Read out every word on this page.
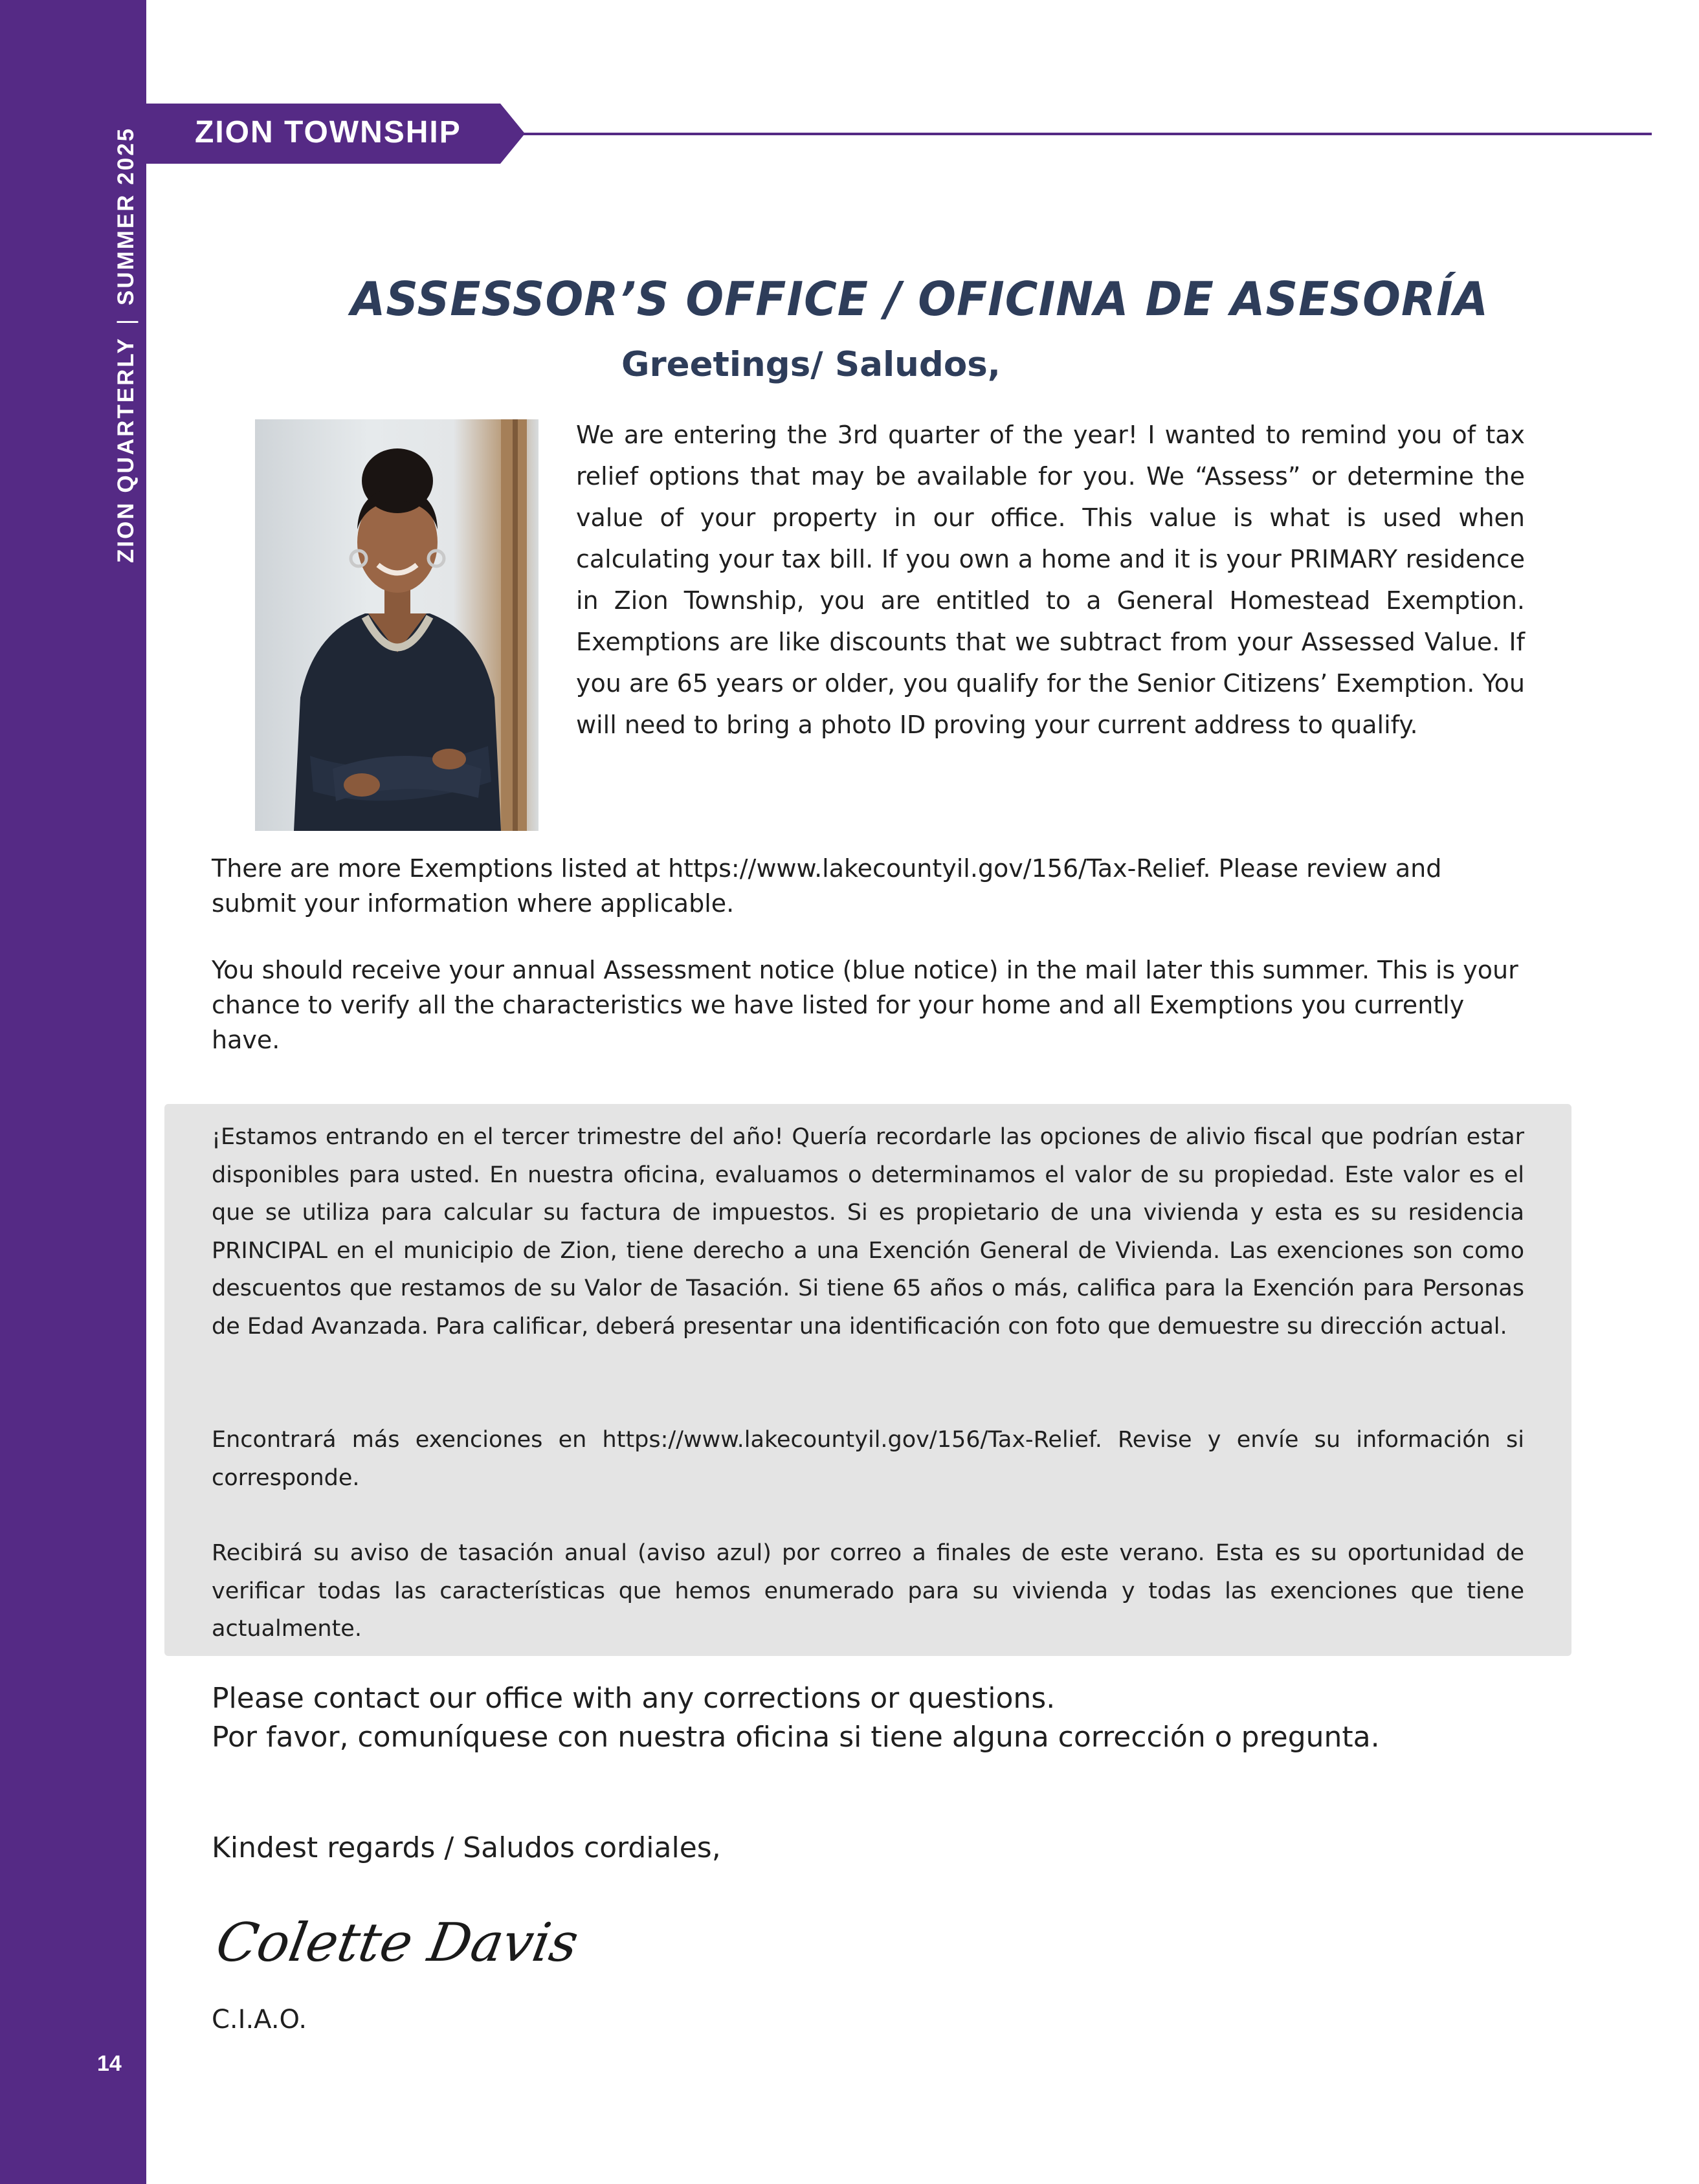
ZION QUARTERLY|SUMMER 2025
14
ZION TOWNSHIP
ASSESSOR’S OFFICE / OFICINA DE ASESORÍA
Greetings/ Saludos,
We are entering the 3rd quarter of the year! I wanted to remind you of tax relief options that may be available for you. We “Assess” or determine the value of your property in our office. This value is what is used when calculating your tax bill. If you own a home and it is your PRIMARY residence in Zion Township, you are entitled to a General Homestead Exemption. Exemptions are like discounts that we subtract from your Assessed Value. If you are 65 years or older, you qualify for the Senior Citizens’ Exemption. You will need to bring a photo ID proving your current address to qualify.
There are more Exemptions listed at https://www.lakecountyil.gov/156/Tax-Relief. Please review and submit your information where applicable.
You should receive your annual Assessment notice (blue notice) in the mail later this summer. This is your chance to verify all the characteristics we have listed for your home and all Exemptions you currently have.
¡Estamos entrando en el tercer trimestre del año! Quería recordarle las opciones de alivio fiscal que podrían estar disponibles para usted. En nuestra oficina, evaluamos o determinamos el valor de su propiedad. Este valor es el que se utiliza para calcular su factura de impuestos. Si es propietario de una vivienda y esta es su residencia PRINCIPAL en el municipio de Zion, tiene derecho a una Exención General de Vivienda. Las exenciones son como descuentos que restamos de su Valor de Tasación. Si tiene 65 años o más, califica para la Exención para Personas de Edad Avanzada. Para calificar, deberá presentar una identificación con foto que demuestre su dirección actual.
Encontrará más exenciones en https://www.lakecountyil.gov/156/Tax-Relief. Revise y envíe su información si corresponde.
Recibirá su aviso de tasación anual (aviso azul) por correo a finales de este verano. Esta es su oportunidad de verificar todas las características que hemos enumerado para su vivienda y todas las exenciones que tiene actualmente.
Please contact our office with any corrections or questions.
Por favor, comuníquese con nuestra oficina si tiene alguna corrección o pregunta.
Kindest regards / Saludos cordiales,
Colette Davis
C.I.A.O.
